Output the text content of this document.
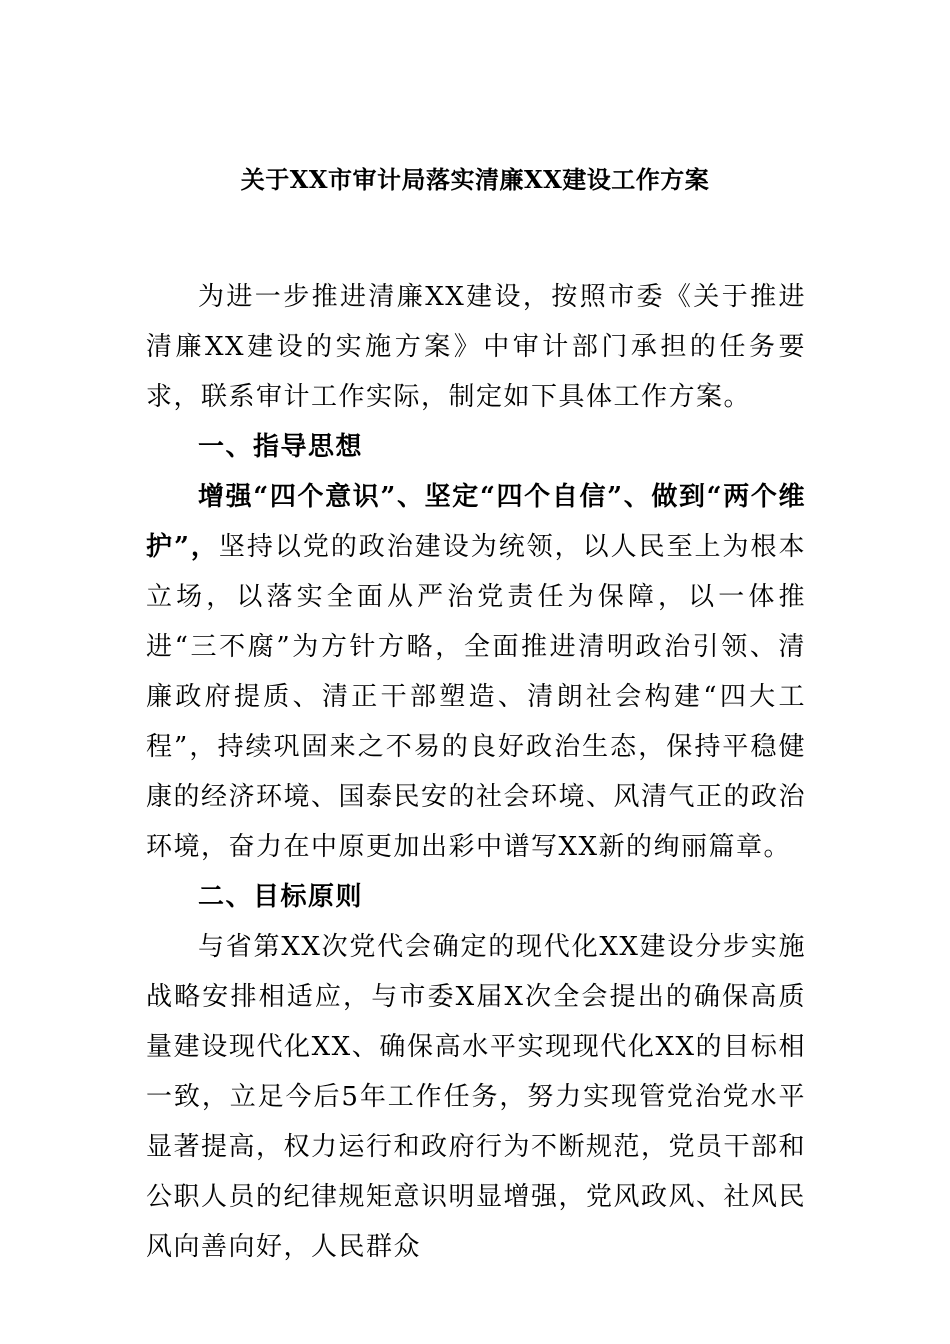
关于XX市审计局落实清廉XX建设工作方案

为进一步推进清廉XX建设，按照市委《关于推进清廉XX建设的实施方案》中审计部门承担的任务要求，联系审计工作实际，制定如下具体工作方案。

一、指导思想

增强“四个意识”、坚定“四个自信”、做到“两个维护”，坚持以党的政治建设为统领，以人民至上为根本立场，以落实全面从严治党责任为保障，以一体推进“三不腐”为方针方略，全面推进清明政治引领、清廉政府提质、清正干部塑造、清朗社会构建“四大工程”，持续巩固来之不易的良好政治生态，保持平稳健康的经济环境、国泰民安的社会环境、风清气正的政治环境，奋力在中原更加出彩中谱写XX新的绚丽篇章。

二、目标原则

与省第XX次党代会确定的现代化XX建设分步实施战略安排相适应，与市委X届X次全会提出的确保高质量建设现代化XX、确保高水平实现现代化XX的目标相一致，立足今后5年工作任务，努力实现管党治党水平显著提高，权力运行和政府行为不断规范，党员干部和公职人员的纪律规矩意识明显增强，党风政风、社风民风向善向好，人民群众
